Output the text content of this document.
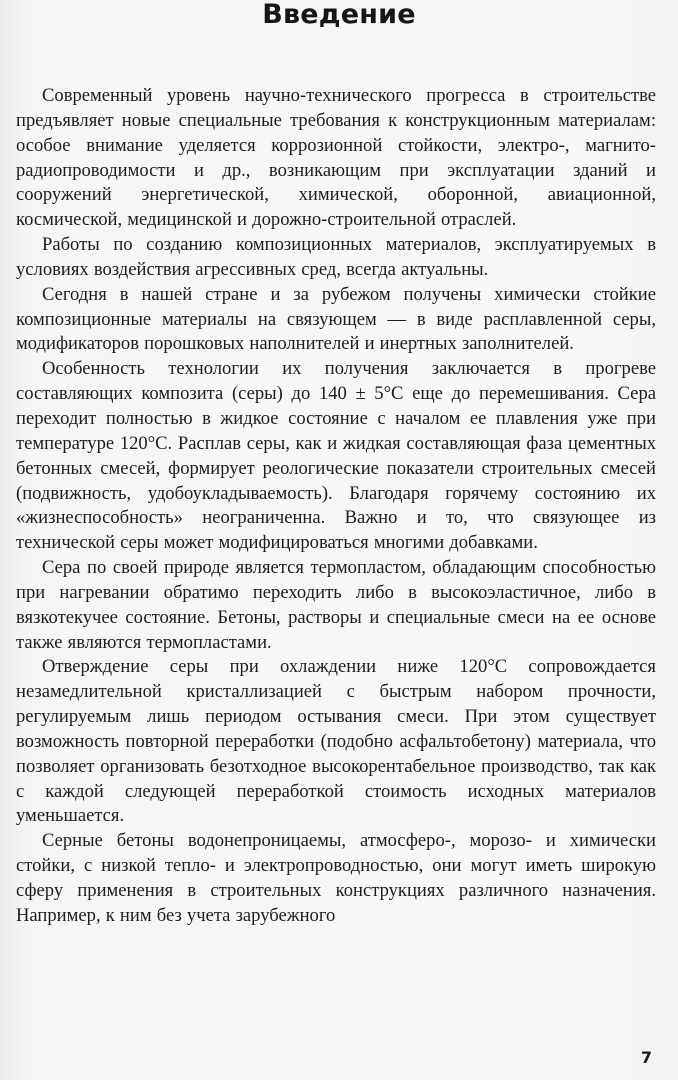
Введение

Современный уровень научно-технического прогресса в строительстве предъявляет новые специальные требования к конструкционным материалам: особое внимание уделяется коррозионной стойкости, электро-, магнито- радиопроводимости и др., возникающим при эксплуатации зданий и сооружений энергетической, химической, оборонной, авиационной, космической, медицинской и дорожно-строительной отраслей.

Работы по созданию композиционных материалов, эксплуатируемых в условиях воздействия агрессивных сред, всегда актуальны.

Сегодня в нашей стране и за рубежом получены химически стойкие композиционные материалы на связующем — в виде расплавленной серы, модификаторов порошковых наполнителей и инертных заполнителей.

Особенность технологии их получения заключается в прогреве составляющих композита (серы) до 140 ± 5°С еще до перемешивания. Сера переходит полностью в жидкое состояние с началом ее плавления уже при температуре 120°С. Расплав серы, как и жидкая составляющая фаза цементных бетонных смесей, формирует реологические показатели строительных смесей (подвижность, удобоукладываемость). Благодаря горячему состоянию их «жизнеспособность» неограниченна. Важно и то, что связующее из технической серы может модифицироваться многими добавками.

Сера по своей природе является термопластом, обладающим способностью при нагревании обратимо переходить либо в высокоэластичное, либо в вязкотекучее состояние. Бетоны, растворы и специальные смеси на ее основе также являются термопластами.

Отверждение серы при охлаждении ниже 120°С сопровождается незамедлительной кристаллизацией с быстрым набором прочности, регулируемым лишь периодом остывания смеси. При этом существует возможность повторной переработки (подобно асфальтобетону) материала, что позволяет организовать безотходное высокорентабельное производство, так как с каждой следующей переработкой стоимость исходных материалов уменьшается.

Серные бетоны водонепроницаемы, атмосферо-, морозо- и химически стойки, с низкой тепло- и электропроводностью, они могут иметь широкую сферу применения в строительных конструкциях различного назначения. Например, к ним без учета зарубежного

7
